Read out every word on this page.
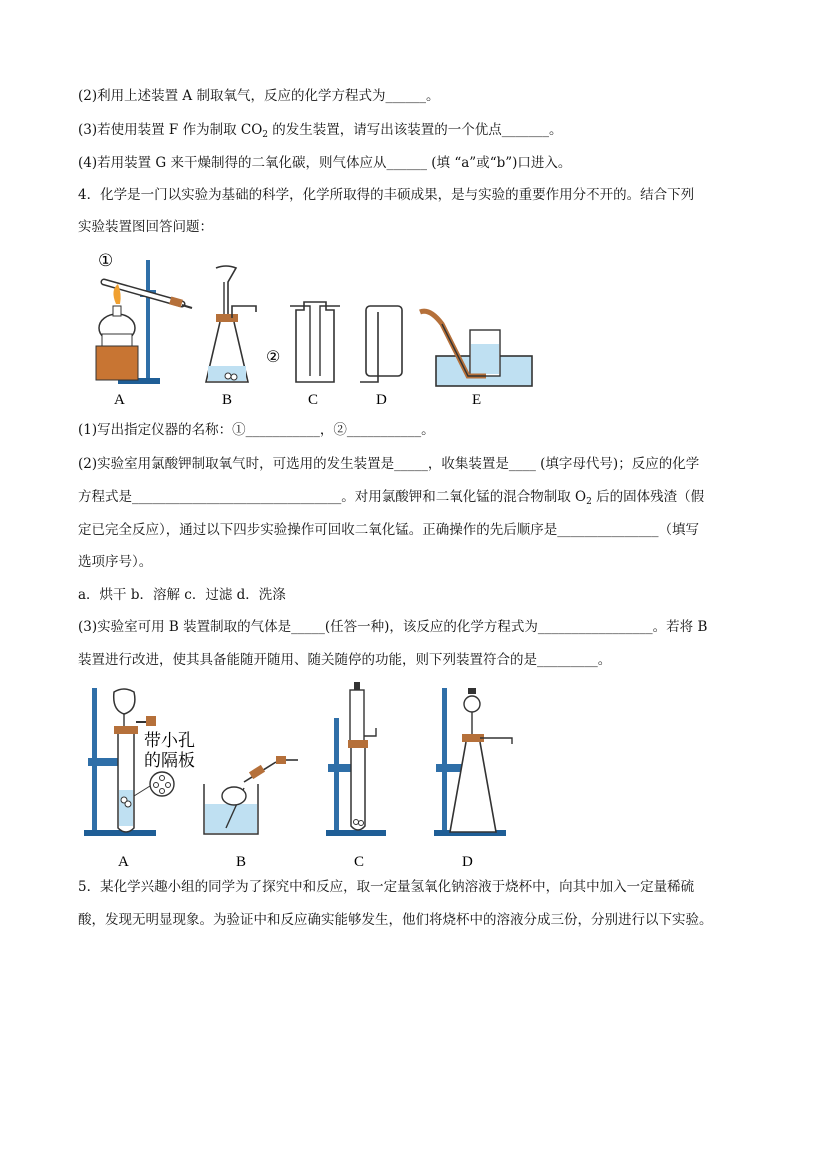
(2)利用上述装置 A 制取氧气，反应的化学方程式为______。
(3)若使用装置 F 作为制取 $CO_2$ 的发生装置，请写出该装置的一个优点_______。
(4)若用装置 G 来干燥制得的二氧化碳，则气体应从______ (填 “a”或“b”)口进入。
4．化学是一门以实验为基础的科学，化学所取得的丰硕成果，是与实验的重要作用分不开的。结合下列
实验装置图回答问题：
①
②
A	B	C	D	E
(1)写出指定仪器的名称：①___________，②___________。
(2)实验室用氯酸钾制取氧气时，可选用的发生装置是_____，收集装置是____ (填字母代号)；反应的化学
方程式是_______________________________。对用氯酸钾和二氧化锰的混合物制取 $O_2$ 后的固体残渣（假
定已完全反应），通过以下四步实验操作可回收二氧化锰。正确操作的先后顺序是_______________（填写
选项序号）。
a．烘干 b．溶解 c．过滤 d．洗涤
(3)实验室可用 B 装置制取的气体是_____(任答一种)，该反应的化学方程式为_________________。若将 B
装置进行改进，使其具备能随开随用、随关随停的功能，则下列装置符合的是_________。
带小孔
的隔板
A	B	C	D
5．某化学兴趣小组的同学为了探究中和反应，取一定量氢氧化钠溶液于烧杯中，向其中加入一定量稀硫
酸，发现无明显现象。为验证中和反应确实能够发生，他们将烧杯中的溶液分成三份，分别进行以下实验。
